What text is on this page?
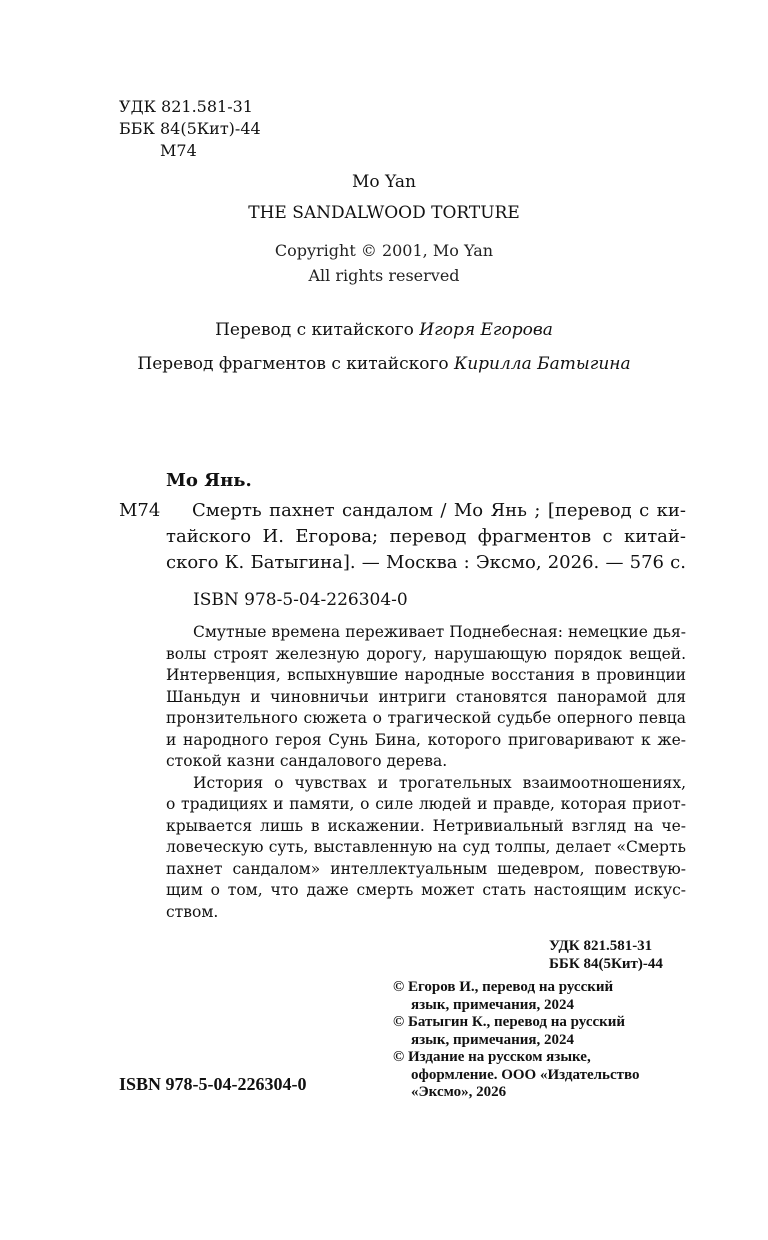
УДК 821.581-31
ББК 84(5Кит)-44
М74
Mo Yan
THE SANDALWOOD TORTURE
Copyright © 2001, Mo Yan
All rights reserved
Перевод с китайского Игоря Егорова
Перевод фрагментов с китайского Кирилла Батыгина
Мо Янь.
М74 Смерть пахнет сандалом / Мо Янь ; [перевод с ки-
тайского И. Егорова; перевод фрагментов с китай-
ского К. Батыгина]. — Москва : Эксмо, 2026. — 576 с.
ISBN 978-5-04-226304-0
Смутные времена переживает Поднебесная: немецкие дья-
волы строят железную дорогу, нарушающую порядок вещей.
Интервенция, вспыхнувшие народные восстания в провинции
Шаньдун и чиновничьи интриги становятся панорамой для
пронзительного сюжета о трагической судьбе оперного певца
и народного героя Сунь Бина, которого приговаривают к же-
стокой казни сандалового дерева.
История о чувствах и трогательных взаимоотношениях,
о традициях и памяти, о силе людей и правде, которая приот-
крывается лишь в искажении. Нетривиальный взгляд на че-
ловеческую суть, выставленную на суд толпы, делает «Смерть
пахнет сандалом» интеллектуальным шедевром, повествую-
щим о том, что даже смерть может стать настоящим искус-
ством.
УДК 821.581-31
ББК 84(5Кит)-44
© Егоров И., перевод на русский
язык, примечания, 2024
© Батыгин К., перевод на русский
язык, примечания, 2024
© Издание на русском языке,
оформление. ООО «Издательство
«Эксмо», 2026
ISBN 978-5-04-226304-0
